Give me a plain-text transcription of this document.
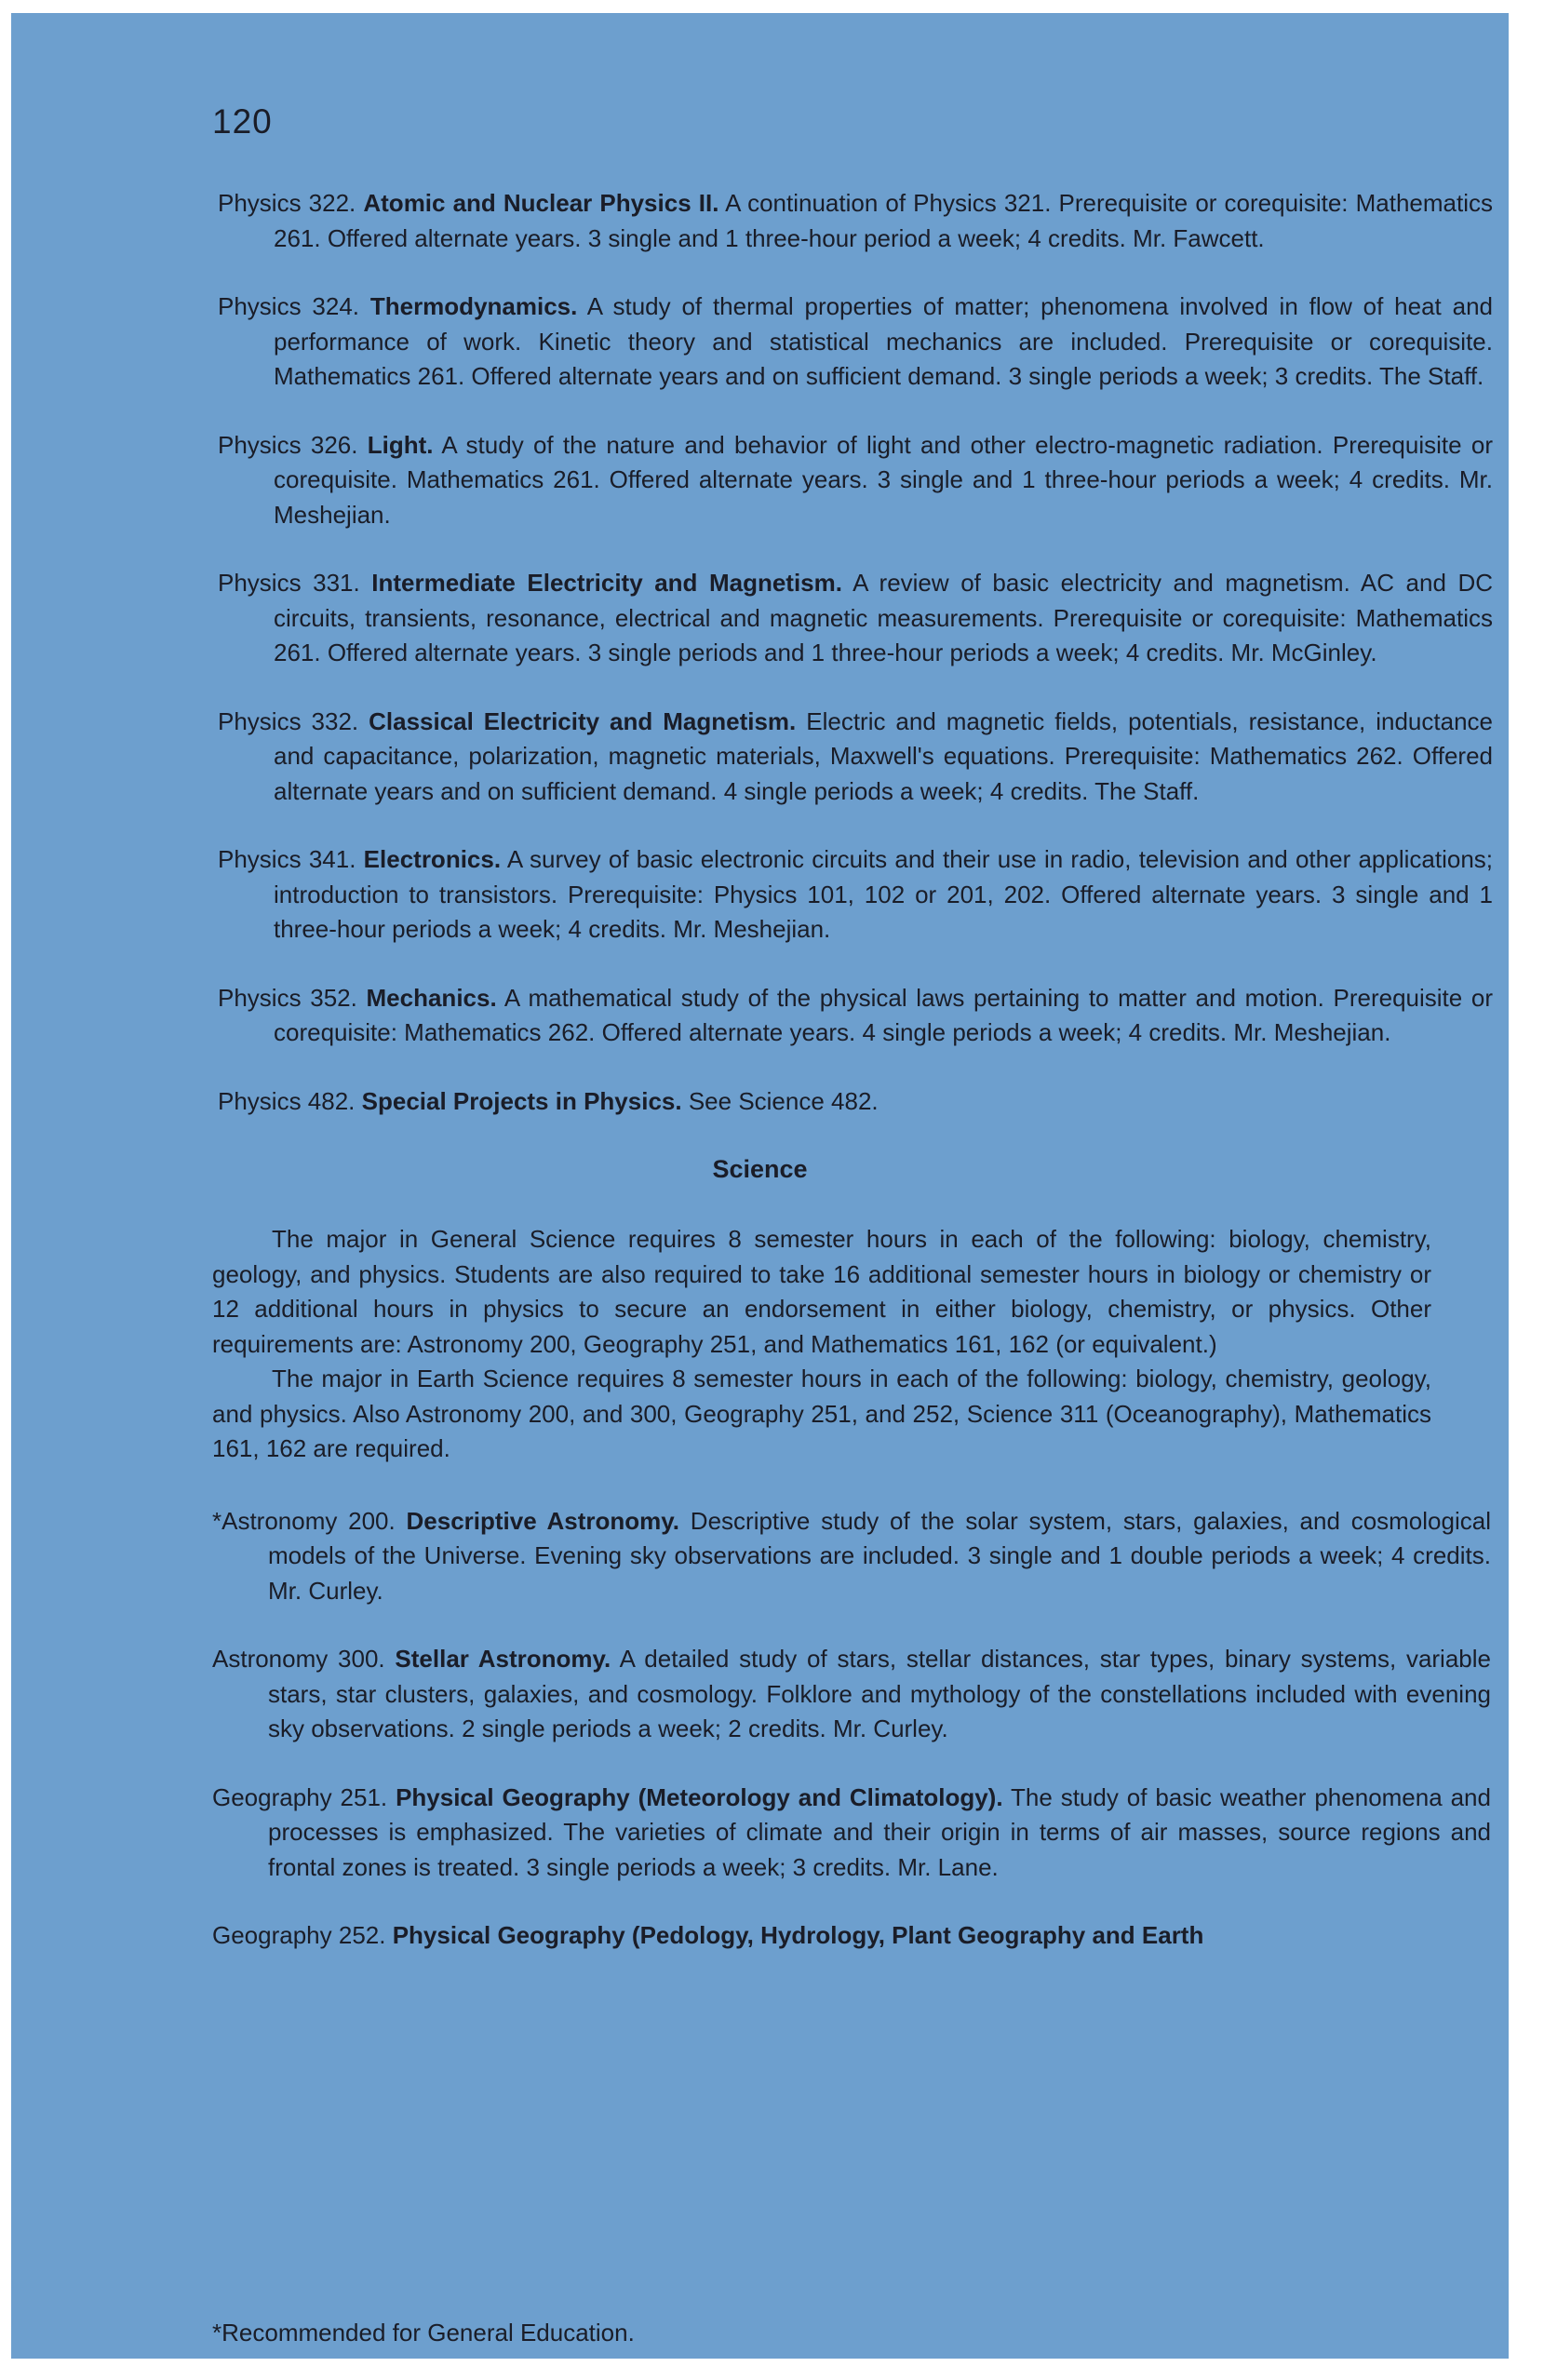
120
Physics 322. Atomic and Nuclear Physics II. A continuation of Physics 321. Prerequisite or corequisite: Mathematics 261. Offered alternate years. 3 single and 1 three-hour period a week; 4 credits. Mr. Fawcett.
Physics 324. Thermodynamics. A study of thermal properties of matter; phenomena involved in flow of heat and performance of work. Kinetic theory and statistical mechanics are included. Prerequisite or corequisite. Mathematics 261. Offered alternate years and on sufficient demand. 3 single periods a week; 3 credits. The Staff.
Physics 326. Light. A study of the nature and behavior of light and other electro-magnetic radiation. Prerequisite or corequisite. Mathematics 261. Offered alternate years. 3 single and 1 three-hour periods a week; 4 credits. Mr. Meshejian.
Physics 331. Intermediate Electricity and Magnetism. A review of basic electricity and magnetism. AC and DC circuits, transients, resonance, electrical and magnetic measurements. Prerequisite or corequisite: Mathematics 261. Offered alternate years. 3 single periods and 1 three-hour periods a week; 4 credits. Mr. McGinley.
Physics 332. Classical Electricity and Magnetism. Electric and magnetic fields, potentials, resistance, inductance and capacitance, polarization, magnetic materials, Maxwell's equations. Prerequisite: Mathematics 262. Offered alternate years and on sufficient demand. 4 single periods a week; 4 credits. The Staff.
Physics 341. Electronics. A survey of basic electronic circuits and their use in radio, television and other applications; introduction to transistors. Prerequisite: Physics 101, 102 or 201, 202. Offered alternate years. 3 single and 1 three-hour periods a week; 4 credits. Mr. Meshejian.
Physics 352. Mechanics. A mathematical study of the physical laws pertaining to matter and motion. Prerequisite or corequisite: Mathematics 262. Offered alternate years. 4 single periods a week; 4 credits. Mr. Meshejian.
Physics 482. Special Projects in Physics. See Science 482.
Science
The major in General Science requires 8 semester hours in each of the following: biology, chemistry, geology, and physics. Students are also required to take 16 additional semester hours in biology or chemistry or 12 additional hours in physics to secure an endorsement in either biology, chemistry, or physics. Other requirements are: Astronomy 200, Geography 251, and Mathematics 161, 162 (or equivalent.)
The major in Earth Science requires 8 semester hours in each of the following: biology, chemistry, geology, and physics. Also Astronomy 200, and 300, Geography 251, and 252, Science 311 (Oceanography), Mathematics 161, 162 are required.
*Astronomy 200. Descriptive Astronomy. Descriptive study of the solar system, stars, galaxies, and cosmological models of the Universe. Evening sky observations are included. 3 single and 1 double periods a week; 4 credits. Mr. Curley.
Astronomy 300. Stellar Astronomy. A detailed study of stars, stellar distances, star types, binary systems, variable stars, star clusters, galaxies, and cosmology. Folklore and mythology of the constellations included with evening sky observations. 2 single periods a week; 2 credits. Mr. Curley.
Geography 251. Physical Geography (Meteorology and Climatology). The study of basic weather phenomena and processes is emphasized. The varieties of climate and their origin in terms of air masses, source regions and frontal zones is treated. 3 single periods a week; 3 credits. Mr. Lane.
Geography 252. Physical Geography (Pedology, Hydrology, Plant Geography and Earth
*Recommended for General Education.
